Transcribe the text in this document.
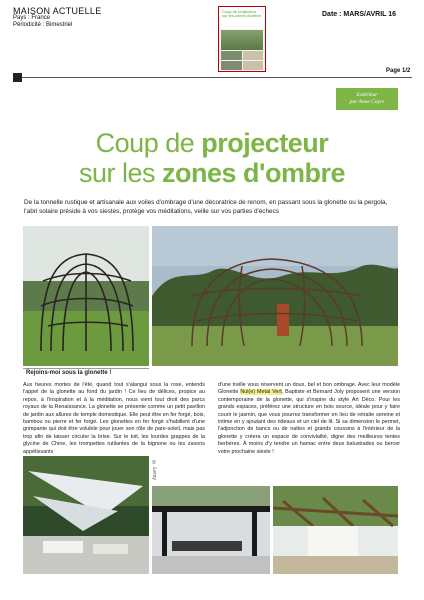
MAISON ACTUELLE
Pays : France
Périodicité : Bimestriel
Coup de projecteur sur les zones d'ombre	Date : MARS/AVRIL 16
Page 1/2
Extérieur
par Anne Cayre
Coup de projecteur
sur les zones d'ombre
De la tonnelle rustique et artisanale aux voiles d'ombrage d'une décoratrice de renom, en passant sous la glonette ou la pergola, l'abri solaire préside à vos siestes, protège vos méditations, veille sur vos parties d'échecs
Rejoins-moi sous la glonette !
Aux heures mortes de l'été, quand tout s'alangui sous la rose, entends l'appel de la glonette au fond du jardin ! Ce lieu de délices, propice au repos, à l'inspiration et à la méditation, nous vient tout droit des parcs royaux de la Renaissance. La glonette se présente comme un petit pavillon de jardin aux allures de temple domestique. Elle peut être en fer forgé, bois, bambou ou pierre et fer forgé. Les glonettes en fer forgé s'habillent d'une grimpante qui doit être volubile pour jouer son rôle de pare-soleil, mais pas trop afin de laisser circuler la brise. Sur le toit, les lourdes grappes de la glycine de Chine, les trompettes rutilantes de la bignone ou les zavons appétissants
d'une treille vous réservent un doux, bel et bon ombrage. Avec leur modèle Glonette Nul(e) Metal Vert, Baptiste et Bernard Joly proposent une version contemporaine de la glonette, qui s'inspire du style Art Déco. Pour les grands espaces, préférez une structure en bois source, idéale pour y faire courir le jasmin, que vous pourrez transformer en lieu de retraite sereine et intime en y ajoutant des rideaux et un ciel de lit. Si sa dimension le permet, l'adjonction de bancs ou de nattes et grands coussins à l'intérieur de la glonette y créera un espace de convivialité, digne des meilleures tentes berbères. À moins d'y tendre un hamac entre deux balustrades ou bercer votre prochaine sieste !
© Leroy
